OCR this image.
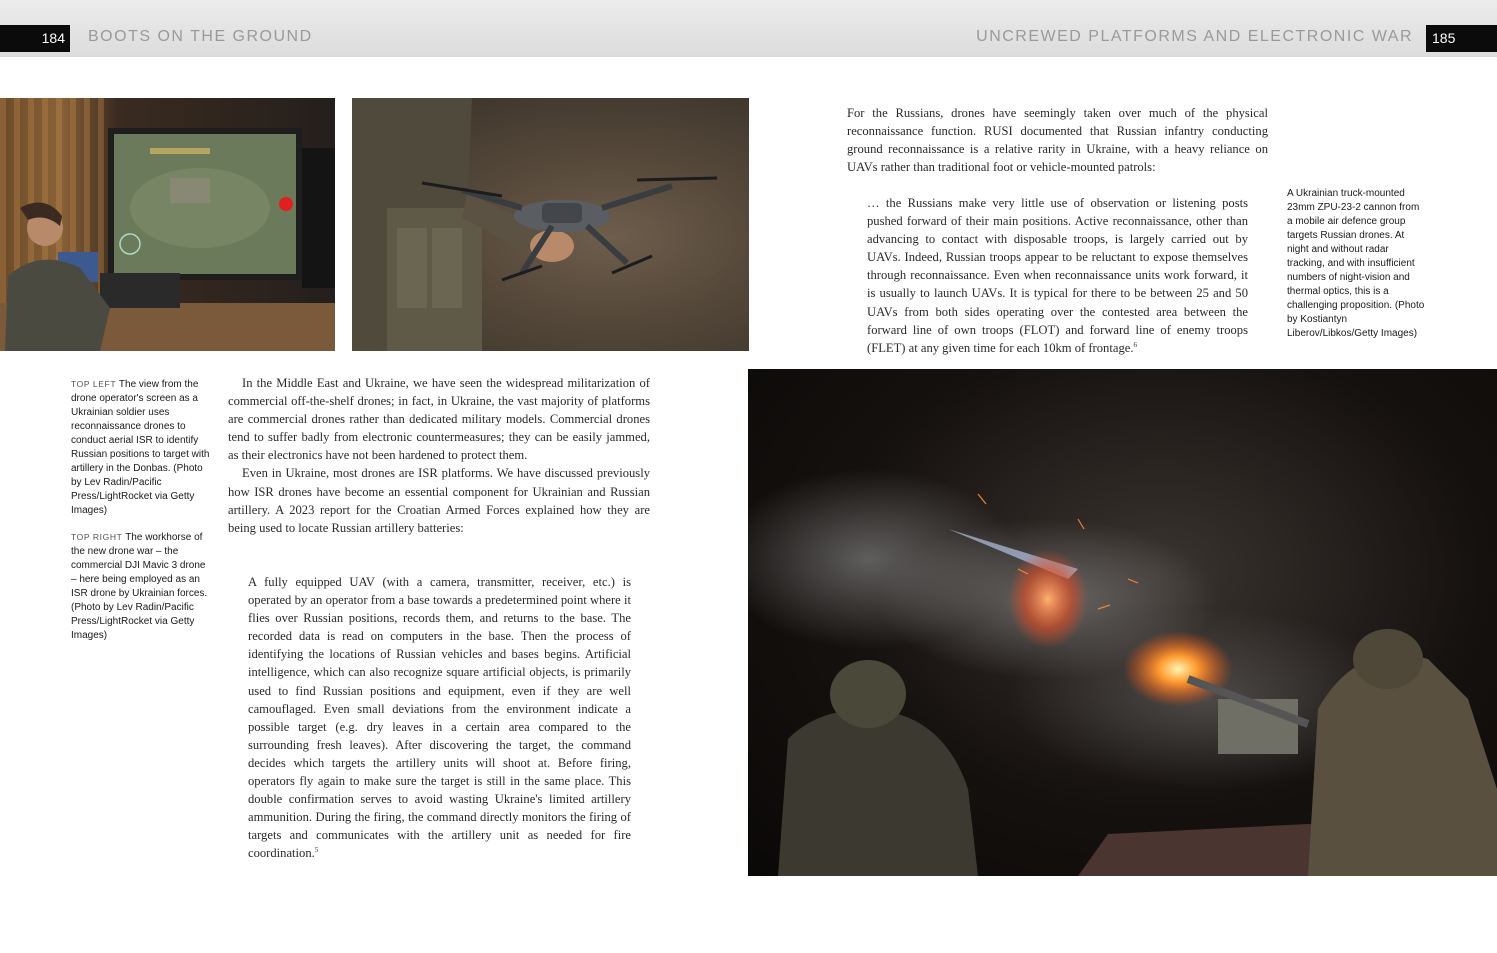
184	BOOTS ON THE GROUND	UNCREWED PLATFORMS AND ELECTRONIC WAR	185
TOP LEFT The view from the drone operator's screen as a Ukrainian soldier uses reconnaissance drones to conduct aerial ISR to identify Russian positions to target with artillery in the Donbas. (Photo by Lev Radin/Pacific Press/LightRocket via Getty Images)
TOP RIGHT The workhorse of the new drone war – the commercial DJI Mavic 3 drone – here being employed as an ISR drone by Ukrainian forces. (Photo by Lev Radin/Pacific Press/LightRocket via Getty Images)
A Ukrainian truck-mounted 23mm ZPU-23-2 cannon from a mobile air defence group targets Russian drones. At night and without radar tracking, and with insufficient numbers of night-vision and thermal optics, this is a challenging proposition. (Photo by Kostiantyn Liberov/Libkos/Getty Images)

In the Middle East and Ukraine, we have seen the widespread militarization of commercial off-the-shelf drones; in fact, in Ukraine, the vast majority of platforms are commercial drones rather than dedicated military models. Commercial drones tend to suffer badly from electronic countermeasures; they can be easily jammed, as their electronics have not been hardened to protect them.

Even in Ukraine, most drones are ISR platforms. We have discussed previously how ISR drones have become an essential component for Ukrainian and Russian artillery. A 2023 report for the Croatian Armed Forces explained how they are being used to locate Russian artillery batteries:

A fully equipped UAV (with a camera, transmitter, receiver, etc.) is operated by an operator from a base towards a predetermined point where it flies over Russian positions, records them, and returns to the base. The recorded data is read on computers in the base. Then the process of identifying the locations of Russian vehicles and bases begins. Artificial intelligence, which can also recognize square artificial objects, is primarily used to find Russian positions and equipment, even if they are well camouflaged. Even small deviations from the environment indicate a possible target (e.g. dry leaves in a certain area compared to the surrounding fresh leaves). After discovering the target, the command decides which targets the artillery units will shoot at. Before firing, operators fly again to make sure the target is still in the same place. This double confirmation serves to avoid wasting Ukraine's limited artillery ammunition. During the firing, the command directly monitors the firing of targets and communicates with the artillery unit as needed for fire coordination.$^5$

For the Russians, drones have seemingly taken over much of the physical reconnaissance function. RUSI documented that Russian infantry conducting ground reconnaissance is a relative rarity in Ukraine, with a heavy reliance on UAVs rather than traditional foot or vehicle-mounted patrols:

… the Russians make very little use of observation or listening posts pushed forward of their main positions. Active reconnaissance, other than advancing to contact with disposable troops, is largely carried out by UAVs. Indeed, Russian troops appear to be reluctant to expose themselves through reconnaissance. Even when reconnaissance units work forward, it is usually to launch UAVs. It is typical for there to be between 25 and 50 UAVs from both sides operating over the contested area between the forward line of own troops (FLOT) and forward line of enemy troops (FLET) at any given time for each 10km of frontage.$^6$
